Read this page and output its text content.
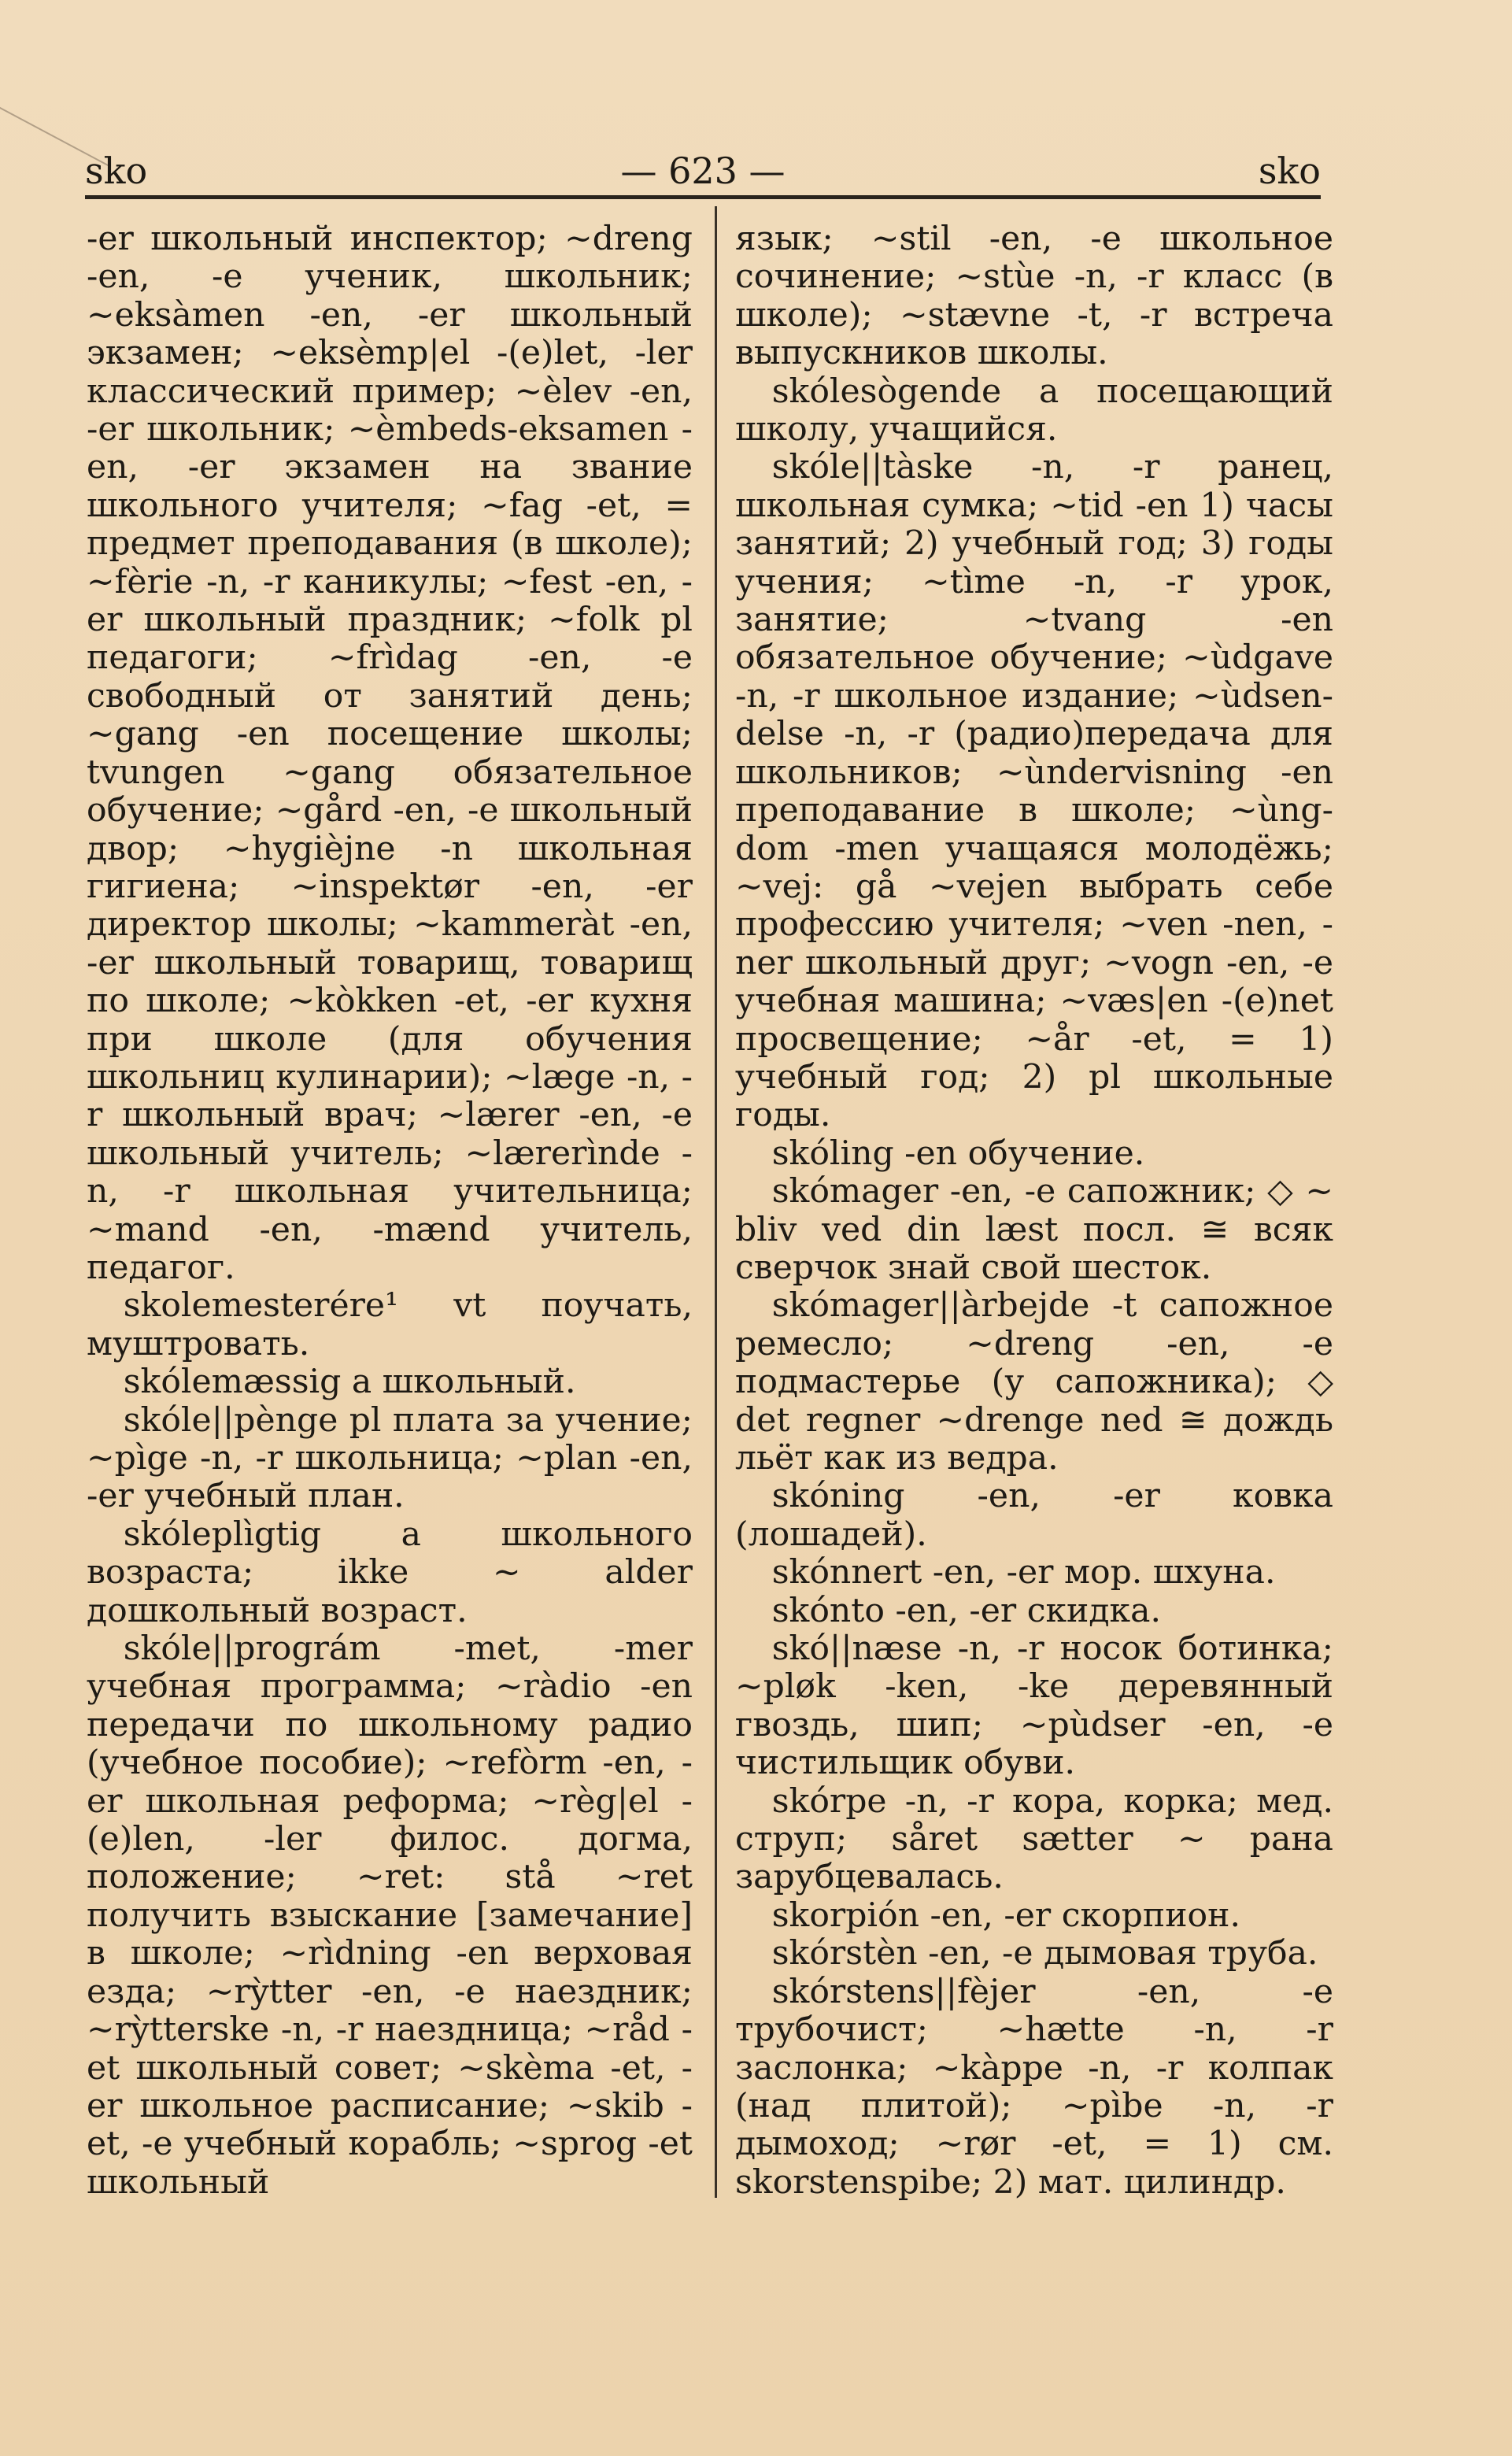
sko	— 623 —	sko

-er школьный инспектор; ~dreng -en, -e ученик, школьник; ~eksàmen -en, -er школьный экзамен; ~eksèmp|el -(e)let, -ler классический пример; ~èlev -en, -er школьник; ~èmbeds-eksamen -en, -er экзамен на звание школьного учителя; ~fag -et, = предмет преподавания (в школе); ~fèrie -n, -r каникулы; ~fest -en, -er школьный праздник; ~folk pl педагоги; ~frìdag -en, -e свободный от занятий день; ~gang -en посещение школы; tvungen ~gang обязательное обучение; ~gård -en, -e школьный двор; ~hygièjne -n школьная гигиена; ~inspektør -en, -er директор школы; ~kammeràt -en, -er школьный товарищ, товарищ по школе; ~kòkken -et, -er кухня при школе (для обучения школьниц кулинарии); ~læge -n, -r школьный врач; ~lærer -en, -e школьный учитель; ~lærerìnde -n, -r школьная учительница; ~mand -en, -mænd учитель, педагог.

skolemesterére¹ vt поучать, муштровать.

skólemæssig a школьный.

skóle||pènge pl плата за учение; ~pìge -n, -r школьница; ~plan -en, -er учебный план.

skóleplìgtig a школьного возраста; ikke ~ alder дошкольный возраст.

skóle||prográm -met, -mer учебная программа; ~ràdio -en передачи по школьному радио (учебное пособие); ~refòrm -en, -er школьная реформа; ~règ|el -(e)len, -ler филос. догма, положение; ~ret: stå ~ret получить взыскание [замечание] в школе; ~rìdning -en верховая езда; ~rỳtter -en, -e наездник; ~rỳtterske -n, -r наездница; ~råd -et школьный совет; ~skèma -et, -er школьное расписание; ~skib -et, -e учебный корабль; ~sprog -et школьный

язык; ~stil -en, -e школьное сочинение; ~stùe -n, -r класс (в школе); ~stævne -t, -r встреча выпускников школы.

skólesògende a посещающий школу, учащийся.

skóle||tàske -n, -r ранец, школьная сумка; ~tid -en 1) часы занятий; 2) учебный год; 3) годы учения; ~tìme -n, -r урок, занятие; ~tvang -en обязательное обучение; ~ùdgave -n, -r школьное издание; ~ùdsen-delse -n, -r (радио)передача для школьников; ~ùndervisning -en преподавание в школе; ~ùng-dom -men учащаяся молодёжь; ~vej: gå ~vejen выбрать себе профессию учителя; ~ven -nen, -ner школьный друг; ~vogn -en, -e учебная машина; ~væs|en -(e)net просвещение; ~år -et, = 1) учебный год; 2) pl школьные годы.

skóling -en обучение.

skómager -en, -e сапожник; ◇ ~ bliv ved din læst посл. ≅ всяк сверчок знай свой шесток.

skómager||àrbejde -t сапожное ремесло; ~dreng -en, -e подмастерье (у сапожника); ◇ det regner ~drenge ned ≅ дождь льёт как из ведра.

skóning -en, -er ковка (лошадей).

skónnert -en, -er мор. шхуна.

skónto -en, -er скидка.

skó||næse -n, -r носок ботинка; ~pløk -ken, -ke деревянный гвоздь, шип; ~pùdser -en, -e чистильщик обуви.

skórpe -n, -r кора, корка; мед. струп; såret sætter ~ рана зарубцевалась.

skorpión -en, -er скорпион.

skórstèn -en, -e дымовая труба.

skórstens||fèjer -en, -e трубочист; ~hætte -n, -r заслонка; ~kàppe -n, -r колпак (над плитой); ~pìbe -n, -r дымоход; ~rør -et, = 1) см. skorstenspibe; 2) мат. цилиндр.
